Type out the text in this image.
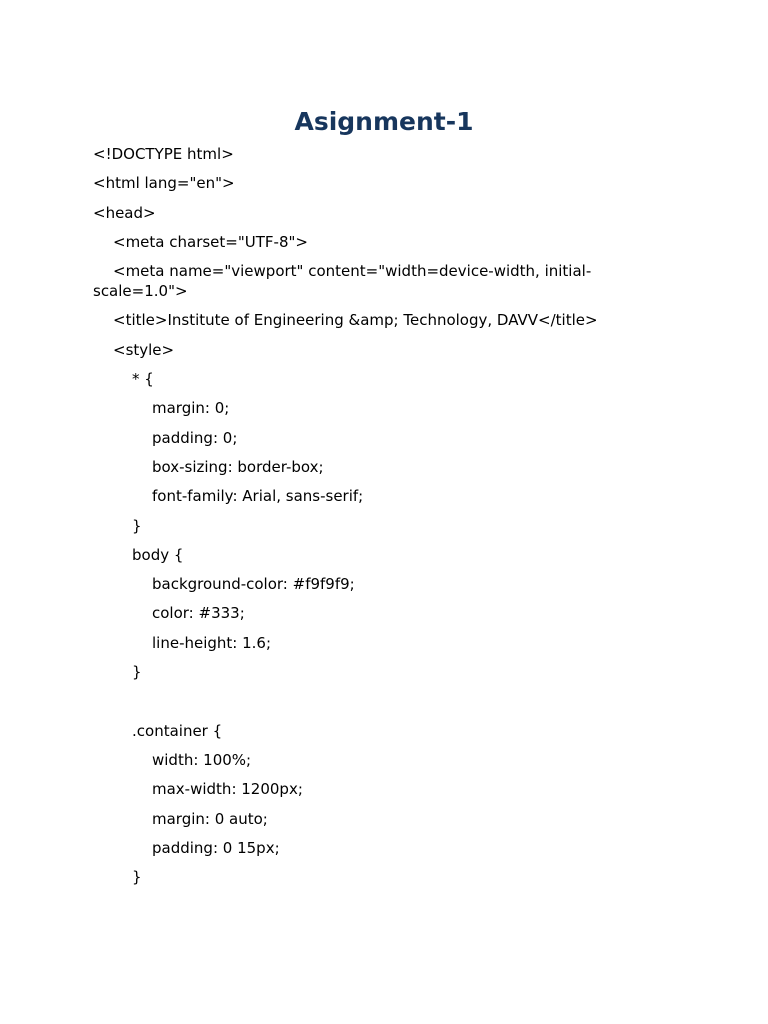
Asignment-1
<!DOCTYPE html>
<html lang="en">
<head>
<meta charset="UTF-8">
<meta name="viewport" content="width=device-width, initial-scale=1.0">
<title>Institute of Engineering &amp; Technology, DAVV</title>
<style>
* {
margin: 0;
padding: 0;
box-sizing: border-box;
font-family: Arial, sans-serif;
}
body {
background-color: #f9f9f9;
color: #333;
line-height: 1.6;
}
.container {
width: 100%;
max-width: 1200px;
margin: 0 auto;
padding: 0 15px;
}
